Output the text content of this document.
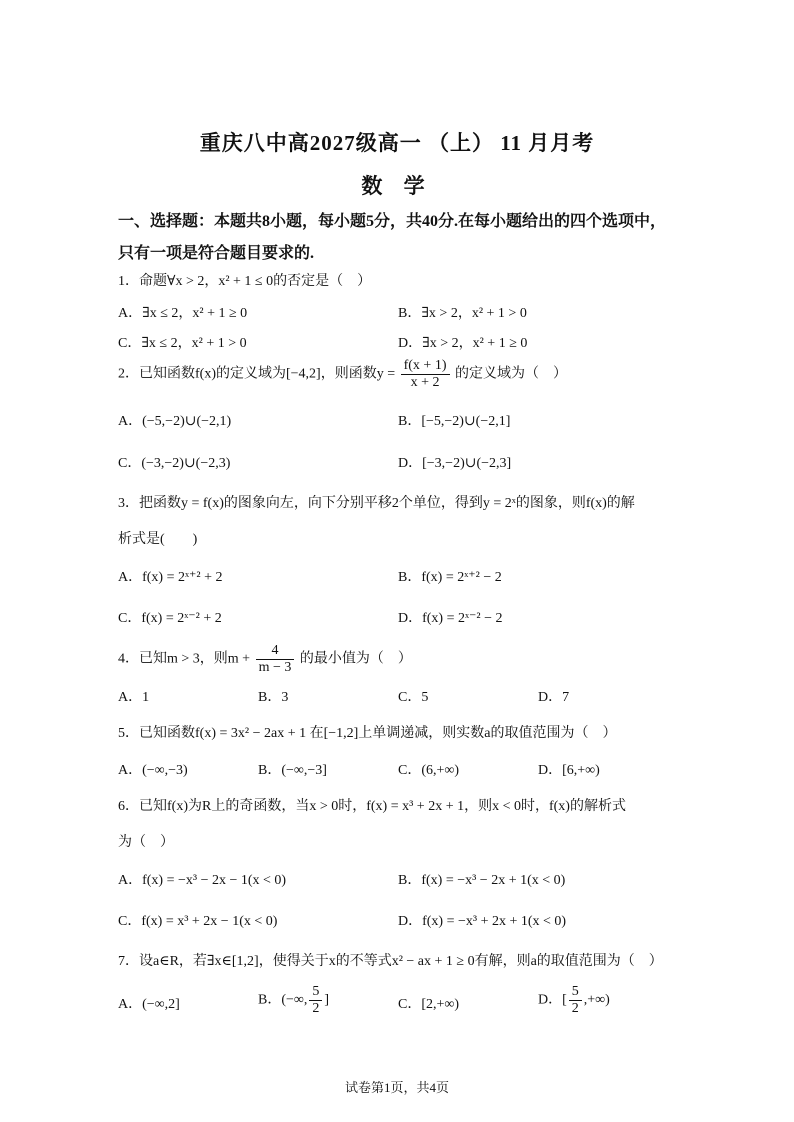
重庆八中高2027级高一 （上） 11 月月考
数 学
一、选择题：本题共8小题，每小题5分，共40分.在每小题给出的四个选项中，
只有一项是符合题目要求的.
1．命题∀x > 2，x² + 1 ≤ 0的否定是（　）
A．∃x ≤ 2，x² + 1 ≥ 0	B．∃x > 2，x² + 1 > 0
C．∃x ≤ 2，x² + 1 > 0	D．∃x > 2，x² + 1 ≥ 0
2．已知函数f(x)的定义域为[−4,2]，则函数$y = \frac{f(x + 1)}{x + 2}$ 的定义域为（　）
A．(−5,−2)∪(−2,1)	B．[−5,−2)∪(−2,1]
C．(−3,−2)∪(−2,3)	D．[−3,−2)∪(−2,3]
3．把函数y = f(x)的图象向左，向下分别平移2个单位，得到y = 2ˣ的图象，则f(x)的解
析式是(　　)
A．f(x) = 2ˣ⁺² + 2	B．f(x) = 2ˣ⁺² − 2
C．f(x) = 2ˣ⁻² + 2	D．f(x) = 2ˣ⁻² − 2
4．已知m > 3，则$m + \frac{4}{m - 3}$ 的最小值为（　）
A．1	B．3	C．5	D．7
5．已知函数f(x) = 3x² − 2ax + 1 在[−1,2]上单调递减，则实数a的取值范围为（　）
A．(−∞,−3)	B．(−∞,−3]	C．(6,+∞)	D．[6,+∞)
6．已知f(x)为R上的奇函数，当x > 0时，f(x) = x³ + 2x + 1，则x < 0时，f(x)的解析式
为（　）
A．f(x) = −x³ − 2x − 1(x < 0)	B．f(x) = −x³ − 2x + 1(x < 0)
C．f(x) = x³ + 2x − 1(x < 0)	D．f(x) = −x³ + 2x + 1(x < 0)
7．设a∈R，若∃x∈[1,2]，使得关于x的不等式x² − ax + 1 ≥ 0有解，则a的取值范围为（　）
A．(−∞,2]	B．(−∞, $\frac{5}{2}$ ]	C．[2,+∞)	D．[ $\frac{5}{2}$ ,+∞)
试卷第1页，共4页
